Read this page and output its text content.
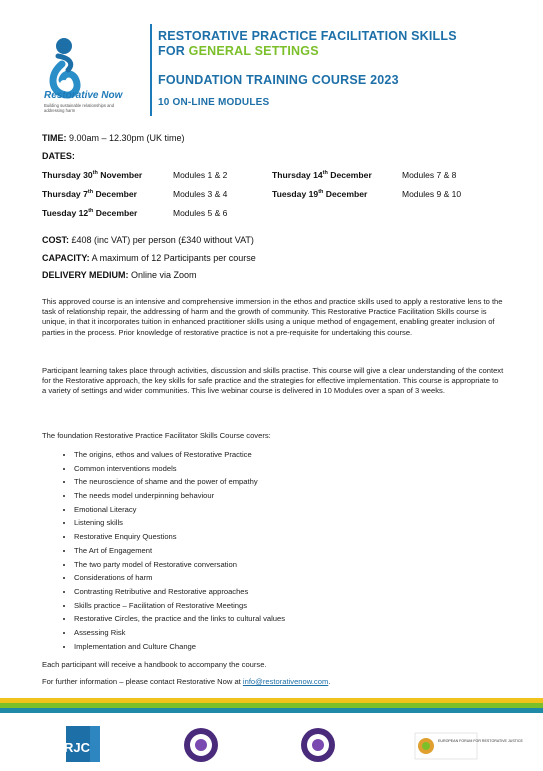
Restorative Now
Building sustainable relationships and addressing harm
RESTORATIVE PRACTICE FACILITATION SKILLS
FOR GENERAL SETTINGS
FOUNDATION TRAINING COURSE 2023
10 ON-LINE MODULES
TIME: 9.00am – 12.30pm (UK time)
DATES:
Thursday 30th November	Modules 1 & 2
Thursday 7th December	Modules 3 & 4
Tuesday 12th December	Modules 5 & 6
Thursday 14th December	Modules 7 & 8
Tuesday 19th December	Modules 9 & 10
COST: £408 (inc VAT) per person (£340 without VAT)
CAPACITY: A maximum of 12 Participants per course
DELIVERY MEDIUM: Online via Zoom
This approved course is an intensive and comprehensive immersion in the ethos and practice skills used to apply a restorative lens to the task of relationship repair, the addressing of harm and the growth of community. This Restorative Practice Facilitation Skills course is unique, in that it incorporates tuition in enhanced practitioner skills using a unique method of engagement, enabling greater inclusion of parties in the process. Prior knowledge of restorative practice is not a pre-requisite for undertaking this course.
Participant learning takes place through activities, discussion and skills practise. This course will give a clear understanding of the context for the Restorative approach, the key skills for safe practice and the strategies for effective implementation. This course is appropriate to a variety of settings and wider communities. This live webinar course is delivered in 10 Modules over a span of 3 weeks.
The foundation Restorative Practice Facilitator Skills Course covers:
• The origins, ethos and values of Restorative Practice
• Common interventions models
• The neuroscience of shame and the power of empathy
• The needs model underpinning behaviour
• Emotional Literacy
• Listening skills
• Restorative Enquiry Questions
• The Art of Engagement
• The two party model of Restorative conversation
• Considerations of harm
• Contrasting Retributive and Restorative approaches
• Skills practice – Facilitation of Restorative Meetings
• Restorative Circles, the practice and the links to cultural values
• Assessing Risk
• Implementation and Culture Change
Each participant will receive a handbook to accompany the course.
For further information – please contact Restorative Now at info@restorativenow.com.
RJC	EUROPEAN FORUM FOR RESTORATIVE JUSTICE
